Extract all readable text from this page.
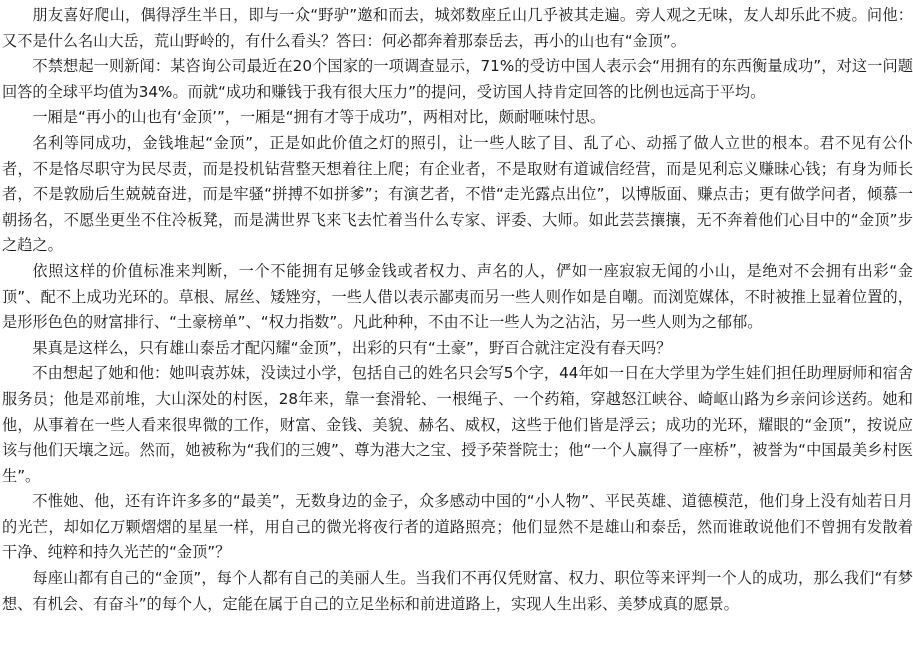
朋友喜好爬山，偶得浮生半日，即与一众“野驴”邀和而去，城郊数座丘山几乎被其走遍。旁人观之无味，友人却乐此不疲。问他：又不是什么名山大岳，荒山野岭的，有什么看头？答曰：何必都奔着那泰岳去，再小的山也有“金顶”。

不禁想起一则新闻：某咨询公司最近在20个国家的一项调查显示，71%的受访中国人表示会“用拥有的东西衡量成功”，对这一问题回答的全球平均值为34%。而就“成功和赚钱于我有很大压力”的提问，受访国人持肯定回答的比例也远高于平均。

一厢是“再小的山也有‘金顶’”，一厢是“拥有才等于成功”，两相对比，颇耐咂味忖思。

名利等同成功，金钱堆起“金顶”，正是如此价值之灯的照引，让一些人眩了目、乱了心、动摇了做人立世的根本。君不见有公仆者，不是恪尽职守为民尽责，而是投机钻营整天想着往上爬；有企业者，不是取财有道诚信经营，而是见利忘义赚昧心钱；有身为师长者，不是敦励后生兢兢奋进，而是牢骚“拼搏不如拼爹”；有演艺者，不惜“走光露点出位”，以博版面、赚点击；更有做学问者，倾慕一朝扬名，不愿坐更坐不住冷板凳，而是满世界飞来飞去忙着当什么专家、评委、大师。如此芸芸攘攘，无不奔着他们心目中的“金顶”步之趋之。

依照这样的价值标准来判断，一个不能拥有足够金钱或者权力、声名的人，俨如一座寂寂无闻的小山，是绝对不会拥有出彩“金顶”、配不上成功光环的。草根、屌丝、矮矬穷，一些人借以表示鄙夷而另一些人则作如是自嘲。而浏览媒体，不时被推上显着位置的，是形形色色的财富排行、“土豪榜单”、“权力指数”。凡此种种，不由不让一些人为之沾沾，另一些人则为之郁郁。

果真是这样么，只有雄山泰岳才配闪耀“金顶”，出彩的只有“土豪”，野百合就注定没有春天吗？

不由想起了她和他：她叫袁苏妹，没读过小学，包括自己的姓名只会写5个字，44年如一日在大学里为学生娃们担任助理厨师和宿舍服务员；他是邓前堆，大山深处的村医，28年来，靠一套滑轮、一根绳子、一个药箱，穿越怒江峡谷、崎岖山路为乡亲问诊送药。她和他，从事着在一些人看来很卑微的工作，财富、金钱、美貌、赫名、威权，这些于他们皆是浮云；成功的光环，耀眼的“金顶”，按说应该与他们天壤之远。然而，她被称为“我们的三嫂”、尊为港大之宝、授予荣誉院士；他“一个人赢得了一座桥”，被誉为“中国最美乡村医生”。

不惟她、他，还有许许多多的“最美”，无数身边的金子，众多感动中国的“小人物”、平民英雄、道德模范，他们身上没有灿若日月的光芒，却如亿万颗熠熠的星星一样，用自己的微光将夜行者的道路照亮；他们显然不是雄山和泰岳，然而谁敢说他们不曾拥有发散着干净、纯粹和持久光芒的“金顶”？

每座山都有自己的“金顶”，每个人都有自己的美丽人生。当我们不再仅凭财富、权力、职位等来评判一个人的成功，那么我们“有梦想、有机会、有奋斗”的每个人，定能在属于自己的立足坐标和前进道路上，实现人生出彩、美梦成真的愿景。
